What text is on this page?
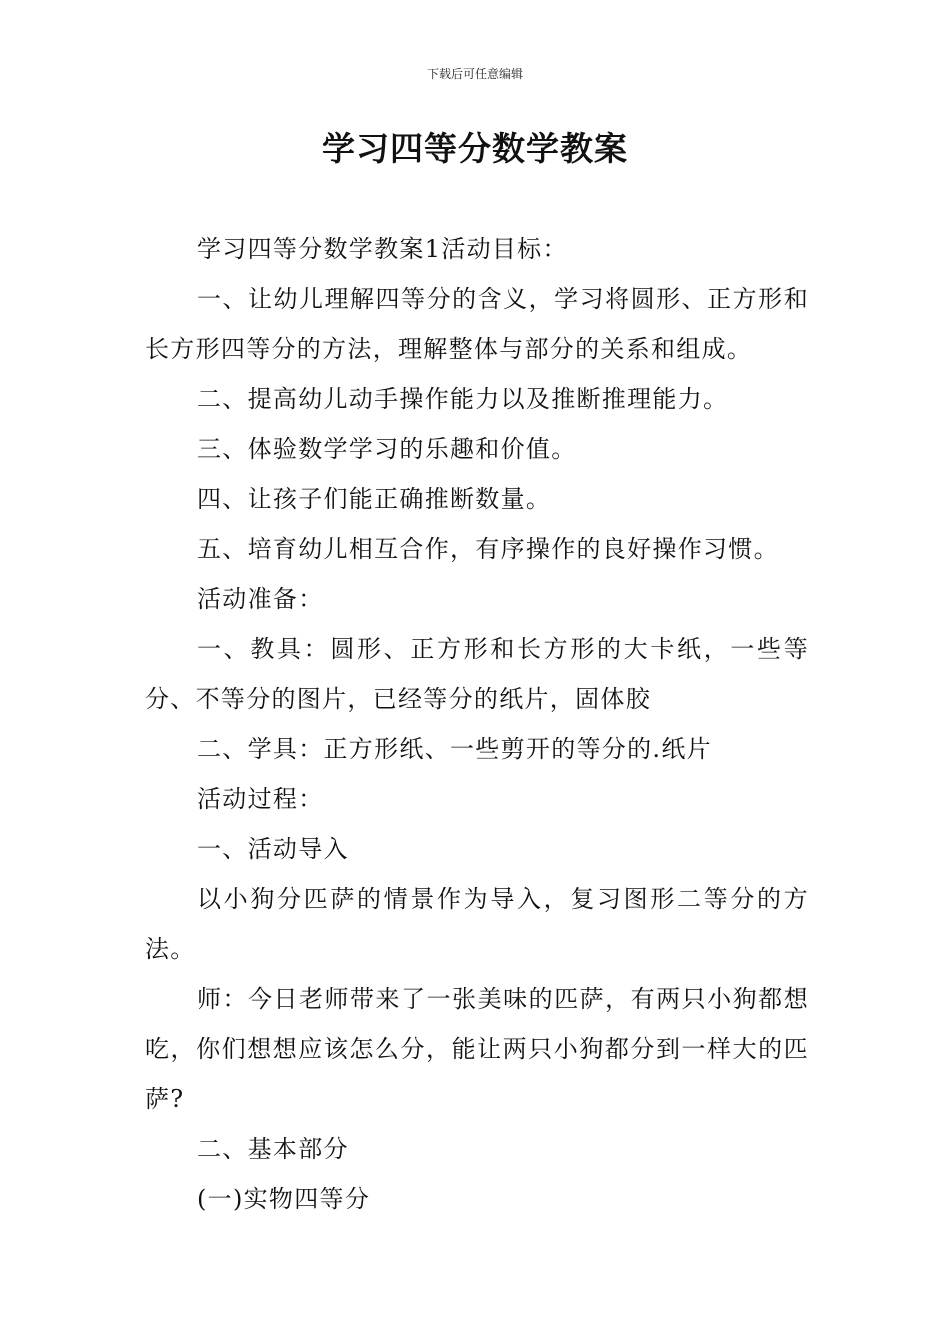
下载后可任意编辑
学习四等分数学教案

学习四等分数学教案1活动目标：

一、让幼儿理解四等分的含义，学习将圆形、正方形和长方形四等分的方法，理解整体与部分的关系和组成。

二、提高幼儿动手操作能力以及推断推理能力。

三、体验数学学习的乐趣和价值。

四、让孩子们能正确推断数量。

五、培育幼儿相互合作，有序操作的良好操作习惯。

活动准备：

一、教具：圆形、正方形和长方形的大卡纸，一些等分、不等分的图片，已经等分的纸片，固体胶

二、学具：正方形纸、一些剪开的等分的.纸片

活动过程：

一、活动导入

以小狗分匹萨的情景作为导入，复习图形二等分的方法。

师：今日老师带来了一张美味的匹萨，有两只小狗都想吃，你们想想应该怎么分，能让两只小狗都分到一样大的匹萨?

二、基本部分

(一)实物四等分
